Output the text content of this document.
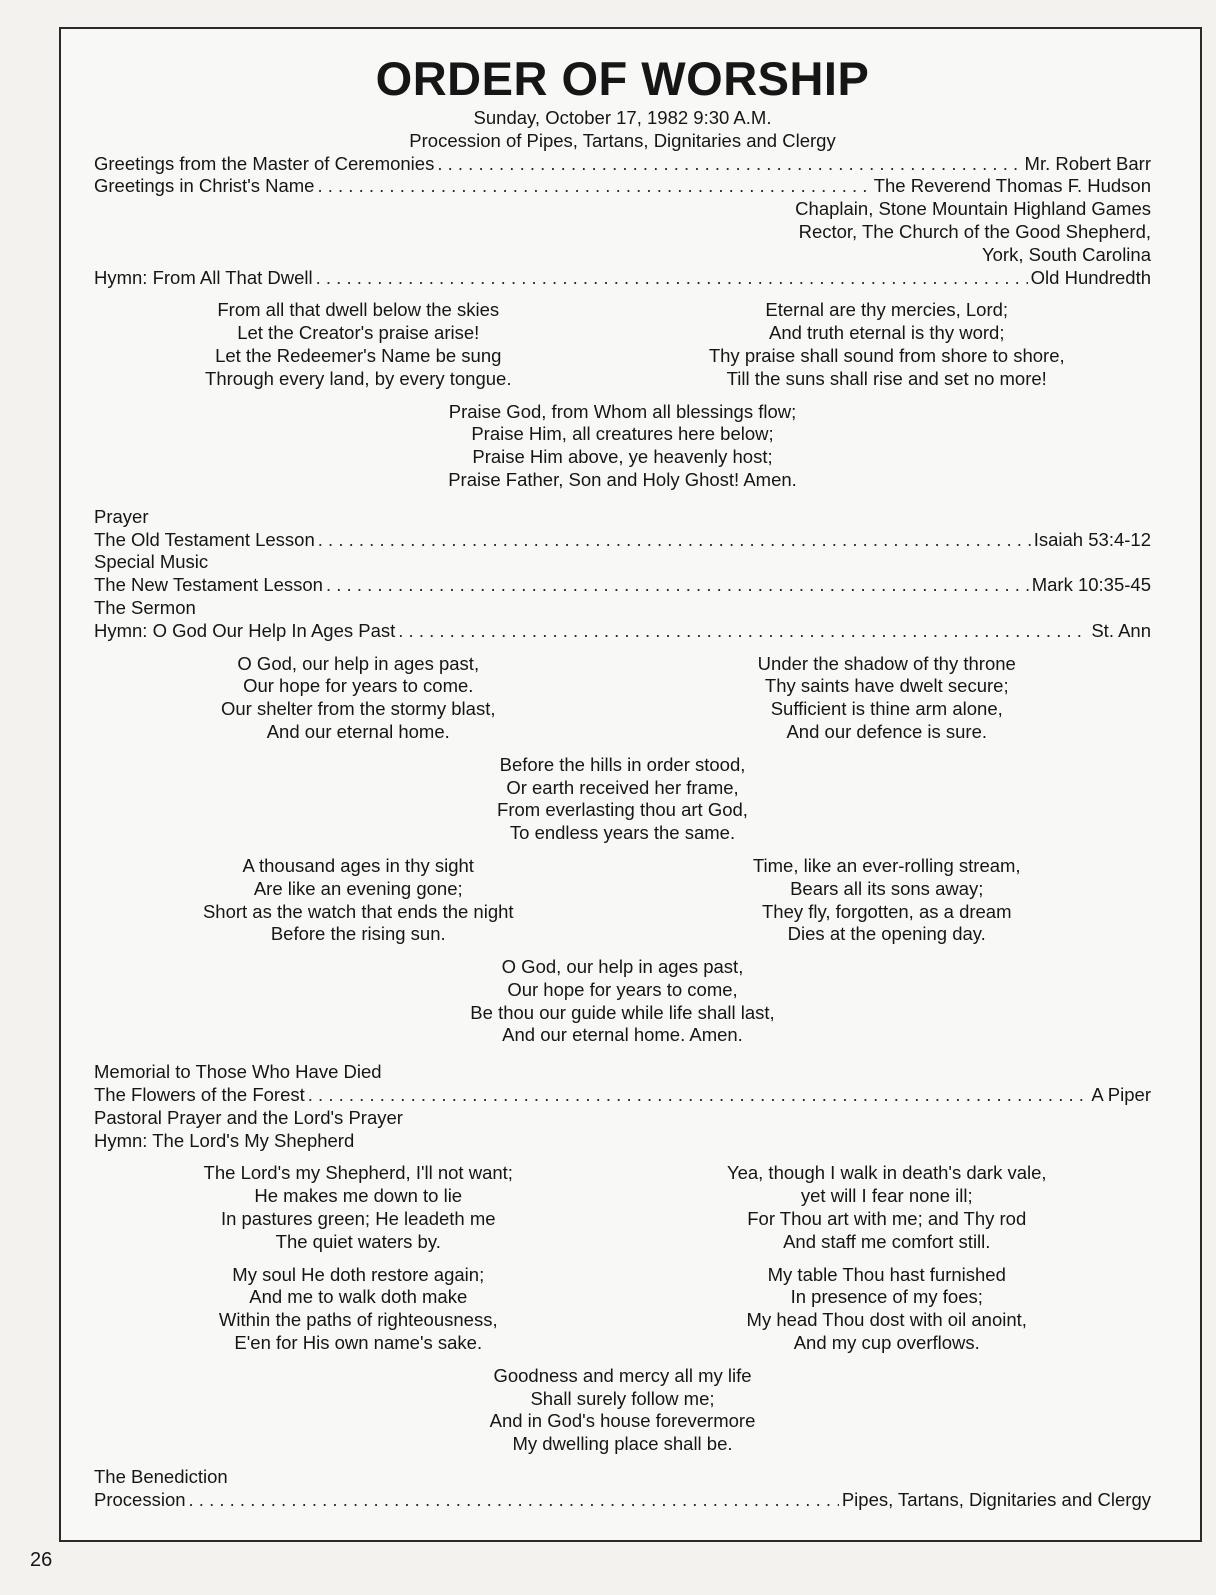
ORDER OF WORSHIP
Sunday, October 17, 1982 9:30 A.M.
Procession of Pipes, Tartans, Dignitaries and Clergy
Greetings from the Master of Ceremonies . . .	Mr. Robert Barr
Greetings in Christ's Name . . .	The Reverend Thomas F. Hudson
Chaplain, Stone Mountain Highland Games
Rector, The Church of the Good Shepherd,
York, South Carolina
Hymn: From All That Dwell . . .	Old Hundredth
From all that dwell below the skies
Let the Creator's praise arise!
Let the Redeemer's Name be sung
Through every land, by every tongue.
Eternal are thy mercies, Lord;
And truth eternal is thy word;
Thy praise shall sound from shore to shore,
Till the suns shall rise and set no more!
Praise God, from Whom all blessings flow;
Praise Him, all creatures here below;
Praise Him above, ye heavenly host;
Praise Father, Son and Holy Ghost! Amen.
Prayer
The Old Testament Lesson . . .	Isaiah 53:4-12
Special Music
The New Testament Lesson . . .	Mark 10:35-45
The Sermon
Hymn: O God Our Help In Ages Past . . .	St. Ann
O God, our help in ages past,
Our hope for years to come.
Our shelter from the stormy blast,
And our eternal home.
Under the shadow of thy throne
Thy saints have dwelt secure;
Sufficient is thine arm alone,
And our defence is sure.
Before the hills in order stood,
Or earth received her frame,
From everlasting thou art God,
To endless years the same.
A thousand ages in thy sight
Are like an evening gone;
Short as the watch that ends the night
Before the rising sun.
Time, like an ever-rolling stream,
Bears all its sons away;
They fly, forgotten, as a dream
Dies at the opening day.
O God, our help in ages past,
Our hope for years to come,
Be thou our guide while life shall last,
And our eternal home. Amen.
Memorial to Those Who Have Died
The Flowers of the Forest . . .	A Piper
Pastoral Prayer and the Lord's Prayer
Hymn: The Lord's My Shepherd
The Lord's my Shepherd, I'll not want;
He makes me down to lie
In pastures green; He leadeth me
The quiet waters by.
Yea, though I walk in death's dark vale,
yet will I fear none ill;
For Thou art with me; and Thy rod
And staff me comfort still.
My soul He doth restore again;
And me to walk doth make
Within the paths of righteousness,
E'en for His own name's sake.
My table Thou hast furnished
In presence of my foes;
My head Thou dost with oil anoint,
And my cup overflows.
Goodness and mercy all my life
Shall surely follow me;
And in God's house forevermore
My dwelling place shall be.
The Benediction
Procession . . .	Pipes, Tartans, Dignitaries and Clergy
26
